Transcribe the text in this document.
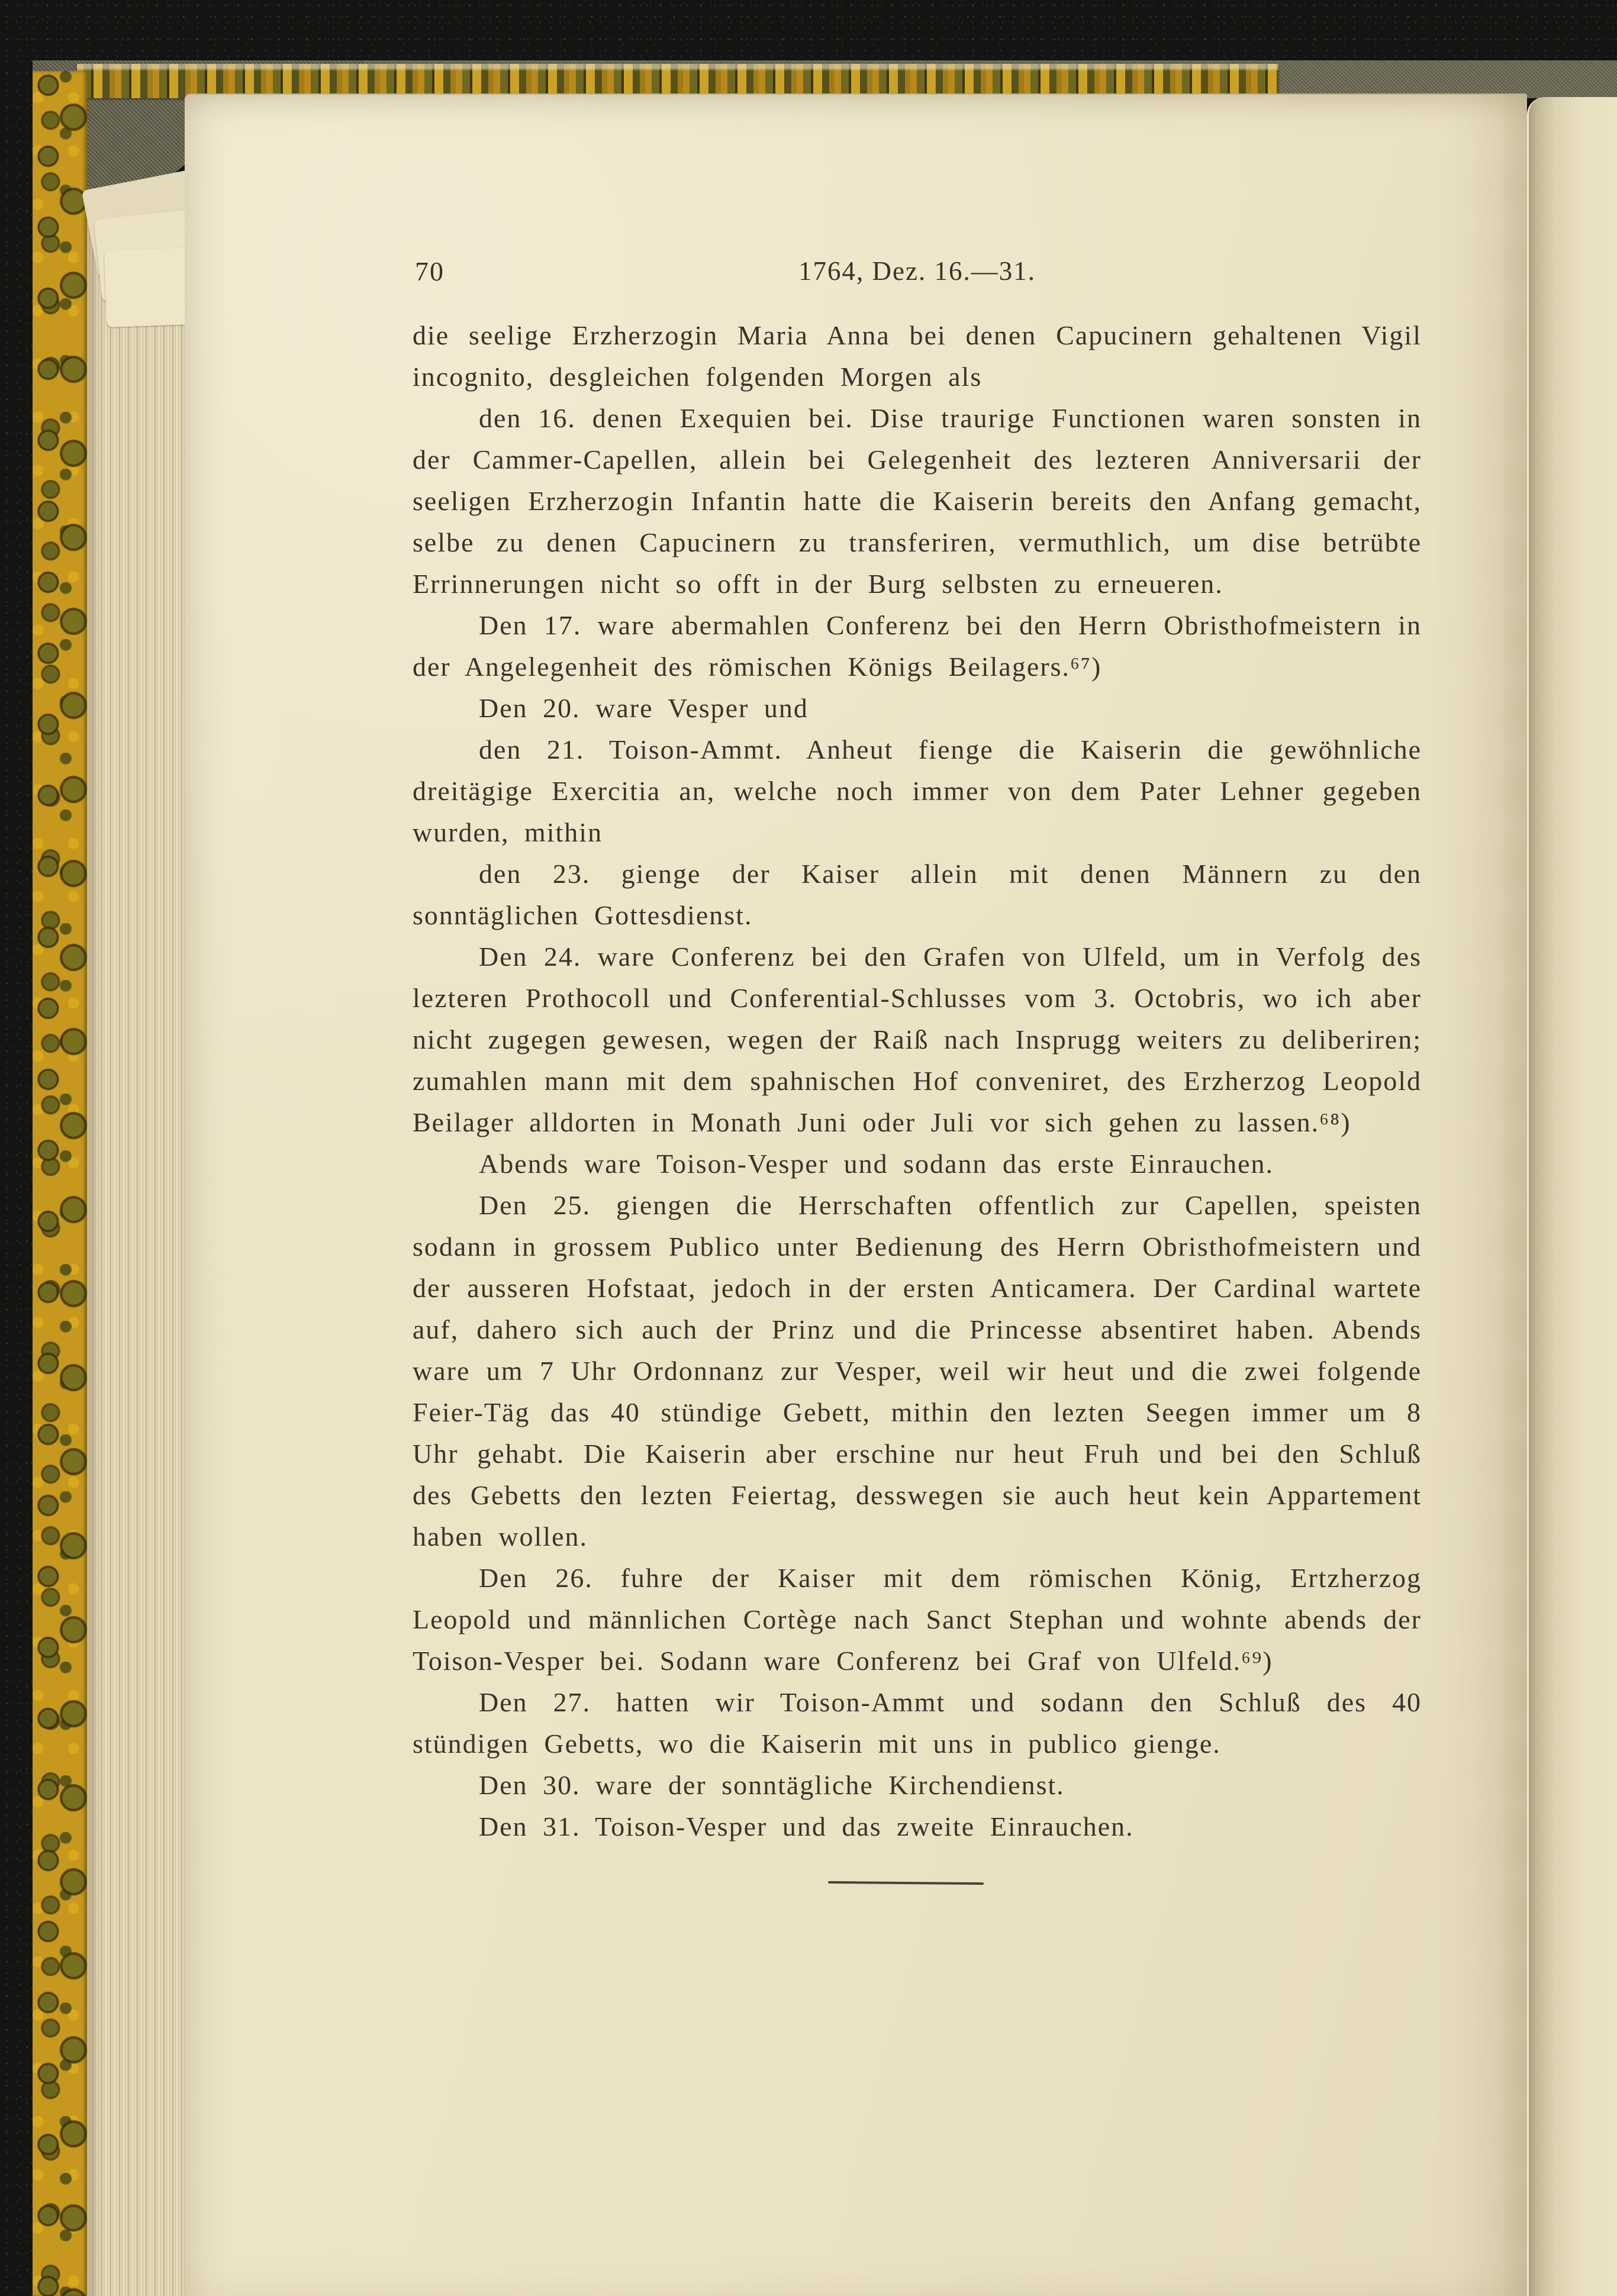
70	1764, Dez. 16.—31.

die seelige Erzherzogin Maria Anna bei denen Capucinern gehaltenen Vigil incognito, desgleichen folgenden Morgen als

den 16. denen Exequien bei. Dise traurige Functionen waren sonsten in der Cammer-Capellen, allein bei Gelegenheit des lezteren Anniversarii der seeligen Erzherzogin Infantin hatte die Kaiserin bereits den Anfang gemacht, selbe zu denen Capucinern zu transferiren, vermuthlich, um dise betrübte Errinnerungen nicht so offt in der Burg selbsten zu erneueren.

Den 17. ware abermahlen Conferenz bei den Herrn Obristhofmeistern in der Angelegenheit des römischen Königs Beilagers.⁶⁷)

Den 20. ware Vesper und

den 21. Toison-Ammt. Anheut fienge die Kaiserin die gewöhnliche dreitägige Exercitia an, welche noch immer von dem Pater Lehner gegeben wurden, mithin

den 23. gienge der Kaiser allein mit denen Männern zu den sonntäglichen Gottesdienst.

Den 24. ware Conferenz bei den Grafen von Ulfeld, um in Verfolg des lezteren Prothocoll und Conferential-Schlusses vom 3. Octobris, wo ich aber nicht zugegen gewesen, wegen der Raiß nach Insprugg weiters zu deliberiren; zumahlen mann mit dem spahnischen Hof conveniret, des Erzherzog Leopold Beilager alldorten in Monath Juni oder Juli vor sich gehen zu lassen.⁶⁸)

Abends ware Toison-Vesper und sodann das erste Einrauchen.

Den 25. giengen die Herrschaften offentlich zur Capellen, speisten sodann in grossem Publico unter Bedienung des Herrn Obristhofmeistern und der ausseren Hofstaat, jedoch in der ersten Anticamera. Der Cardinal wartete auf, dahero sich auch der Prinz und die Princesse absentiret haben. Abends ware um 7 Uhr Ordonnanz zur Vesper, weil wir heut und die zwei folgende Feier-Täg das 40 stündige Gebett, mithin den lezten Seegen immer um 8 Uhr gehabt. Die Kaiserin aber erschine nur heut Fruh und bei den Schluß des Gebetts den lezten Feiertag, desswegen sie auch heut kein Appartement haben wollen.

Den 26. fuhre der Kaiser mit dem römischen König, Ertzherzog Leopold und männlichen Cortège nach Sanct Stephan und wohnte abends der Toison-Vesper bei. Sodann ware Conferenz bei Graf von Ulfeld.⁶⁹)

Den 27. hatten wir Toison-Ammt und sodann den Schluß des 40 stündigen Gebetts, wo die Kaiserin mit uns in publico gienge.

Den 30. ware der sonntägliche Kirchendienst.

Den 31. Toison-Vesper und das zweite Einrauchen.
